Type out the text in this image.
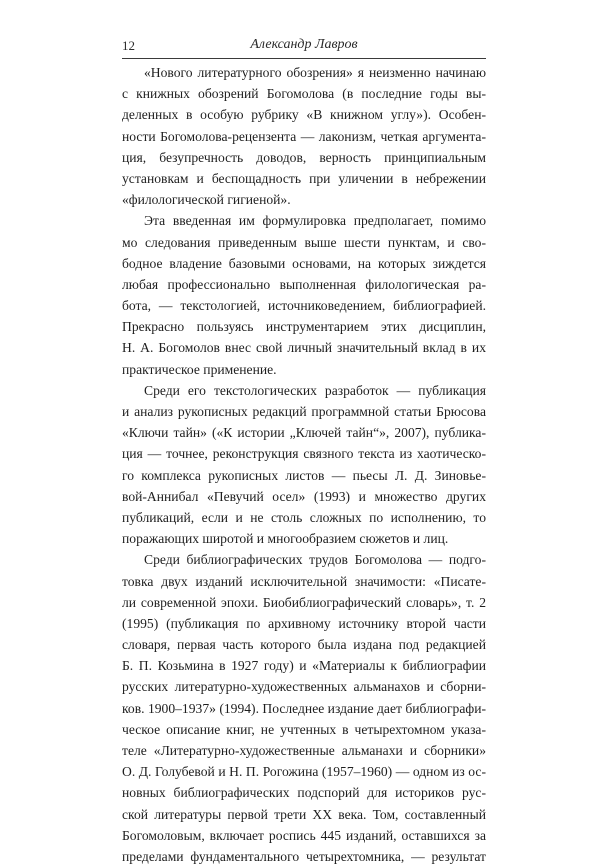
12	Александр Лавров
«Нового литературного обозрения» я неизменно начинаю
с книжных обозрений Богомолова (в последние годы вы-
деленных в особую рубрику «В книжном углу»). Особен-
ности Богомолова-рецензента — лаконизм, четкая аргумента-
ция, безупречность доводов, верность принципиальным
установкам и беспощадность при уличении в небрежении
«филологической гигиеной».
Эта введенная им формулировка предполагает, помимо
мо следования приведенным выше шести пунктам, и сво-
бодное владение базовыми основами, на которых зиждется
любая профессионально выполненная филологическая ра-
бота, — текстологией, источниковедением, библиографией.
Прекрасно пользуясь инструментарием этих дисциплин,
Н. А. Богомолов внес свой личный значительный вклад в их
практическое применение.
Среди его текстологических разработок — публикация
и анализ рукописных редакций программной статьи Брюсова
«Ключи тайн» («К истории „Ключей тайн“», 2007), публика-
ция — точнее, реконструкция связного текста из хаотическо-
го комплекса рукописных листов — пьесы Л. Д. Зиновье-
вой-Аннибал «Певучий осел» (1993) и множество других
публикаций, если и не столь сложных по исполнению, то
поражающих широтой и многообразием сюжетов и лиц.
Среди библиографических трудов Богомолова — подго-
товка двух изданий исключительной значимости: «Писате-
ли современной эпохи. Биобиблиографический словарь», т. 2
(1995) (публикация по архивному источнику второй части
словаря, первая часть которого была издана под редакцией
Б. П. Козьмина в 1927 году) и «Материалы к библиографии
русских литературно-художественных альманахов и сборни-
ков. 1900–1937» (1994). Последнее издание дает библиографи-
ческое описание книг, не учтенных в четырехтомном указа-
теле «Литературно-художественные альманахи и сборники»
О. Д. Голубевой и Н. П. Рогожина (1957–1960) — одном из ос-
новных библиографических подспорий для историков рус-
ской литературы первой трети XX века. Том, составленный
Богомоловым, включает роспись 445 изданий, оставшихся за
пределами фундаментального четырехтомника, — результат
